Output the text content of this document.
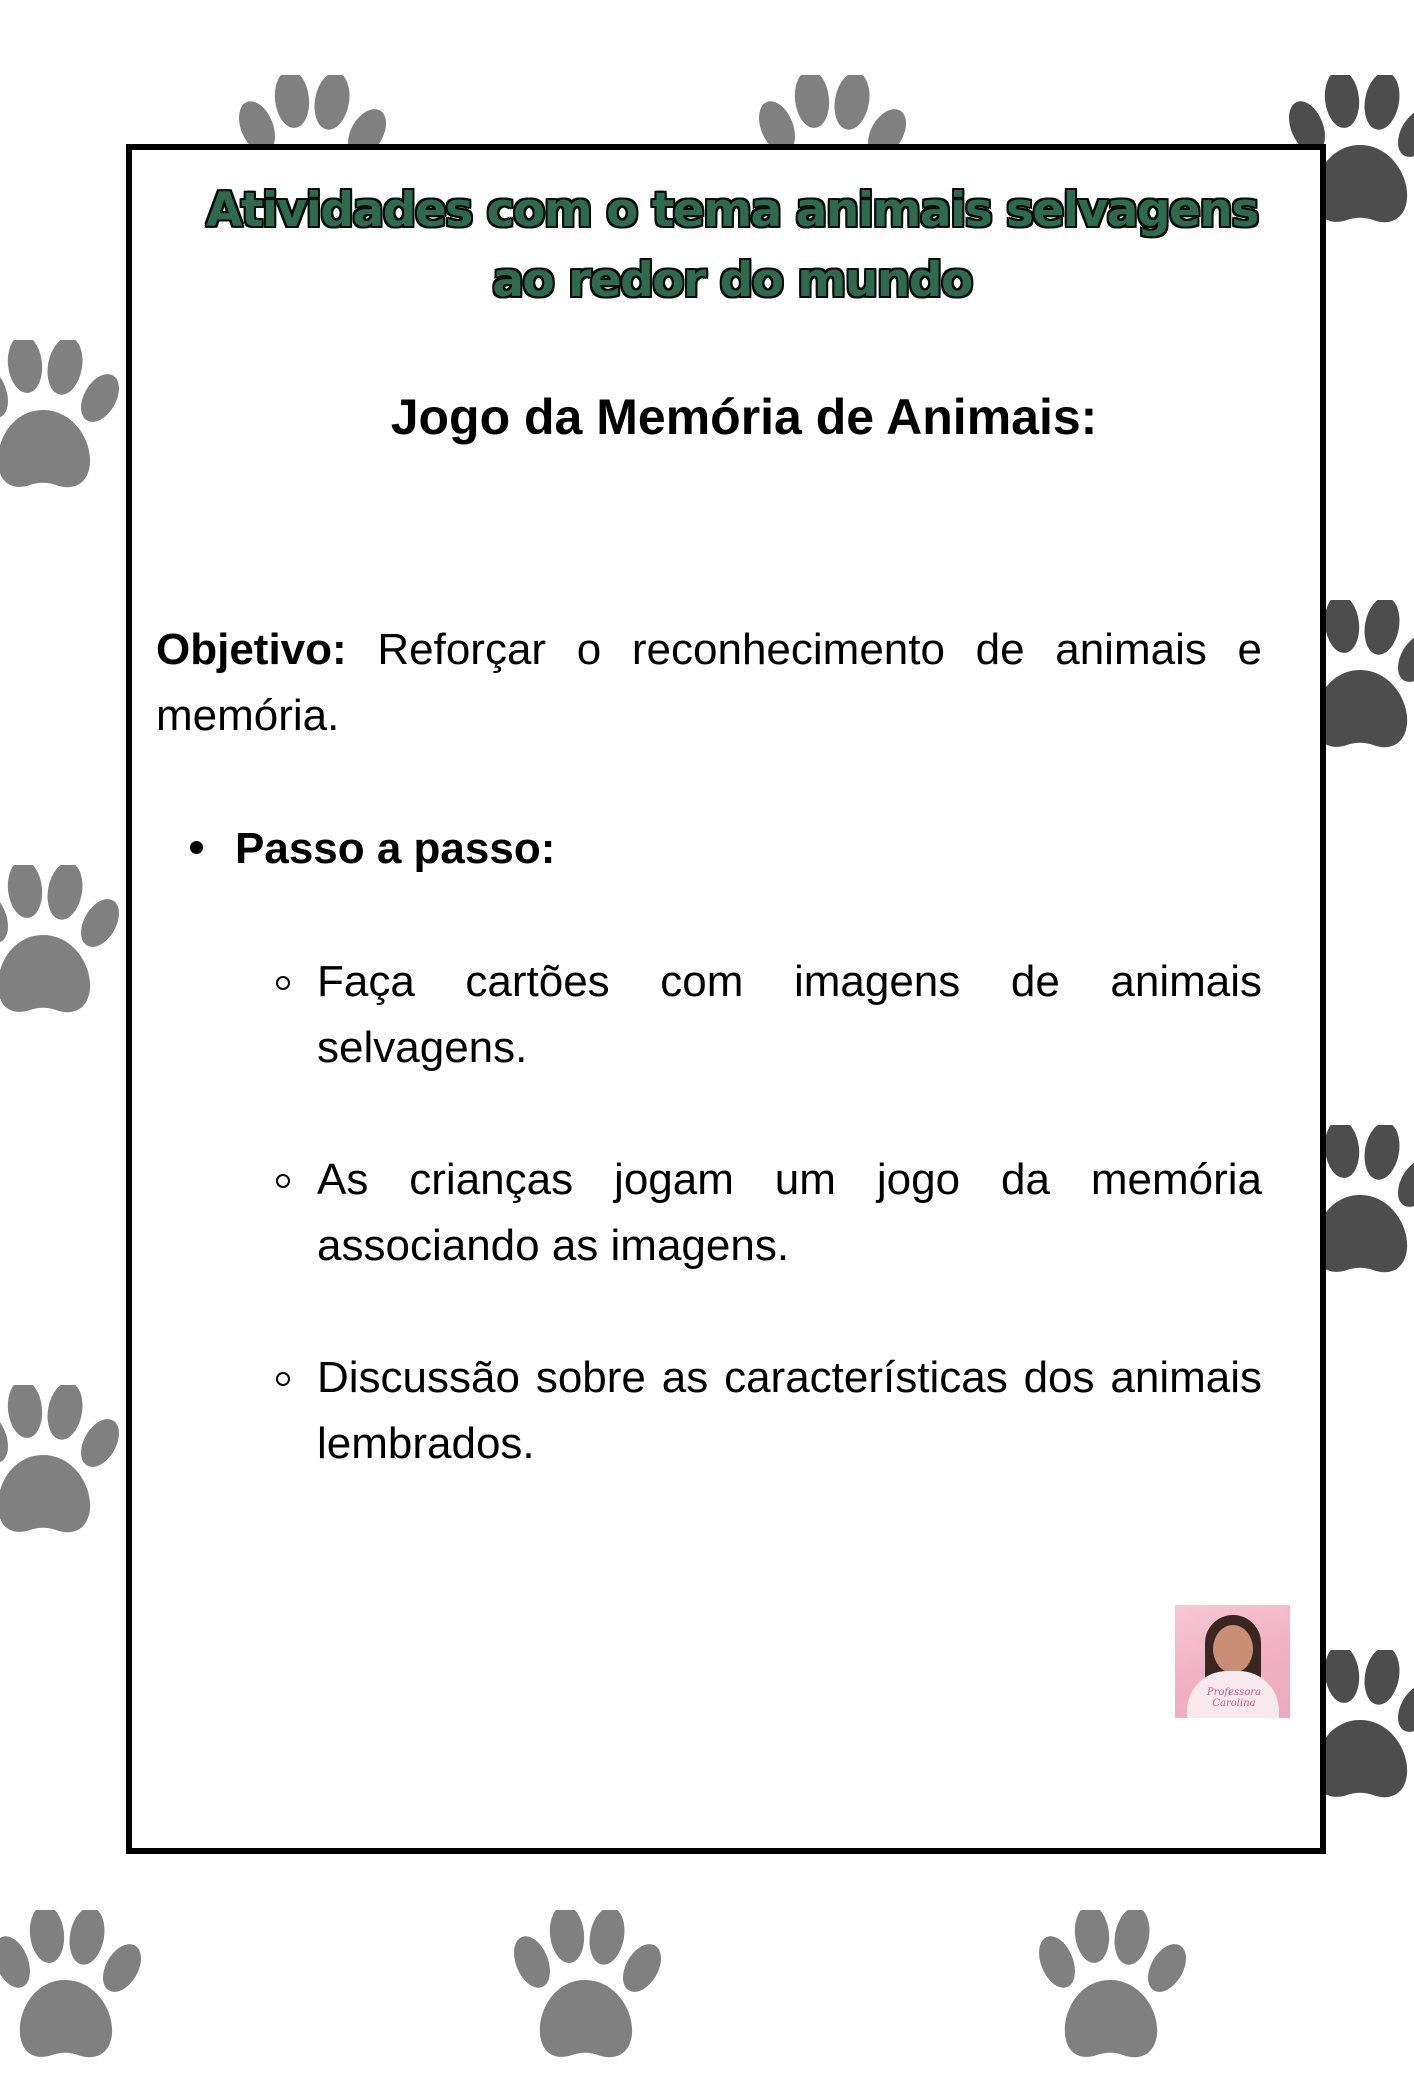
Atividades com o tema animais selvagens ao redor do mundo
Jogo da Memória de Animais:

Objetivo: Reforçar o reconhecimento de animais e memória.

Passo a passo:

Faça cartões com imagens de animais selvagens.

As crianças jogam um jogo da memória associando as imagens.

Discussão sobre as características dos animais lembrados.

Professora Carolina
